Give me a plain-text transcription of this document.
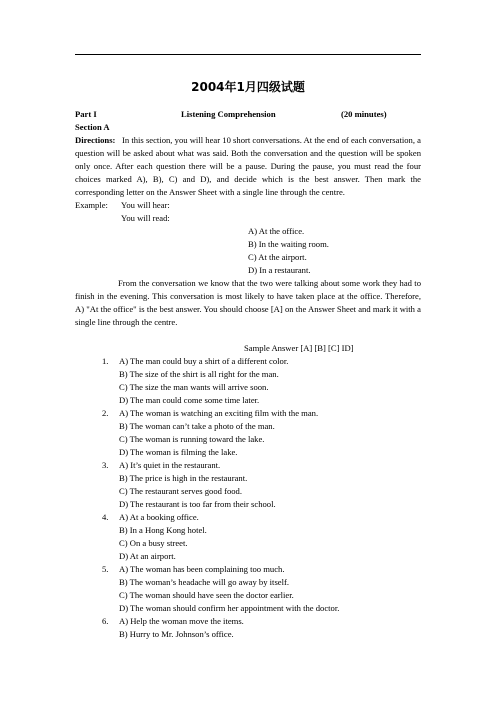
2004年1月四级试题
Part I	Listening Comprehension	(20 minutes)
Section A
Directions: In this section, you will hear 10 short conversations. At the end of each conversation, a question will be asked about what was said. Both the conversation and the question will be spoken only once. After each question there will be a pause. During the pause, you must read the four choices marked A), B), C) and D), and decide which is the best answer. Then mark the corresponding letter on the Answer Sheet with a single line through the centre.
Example: You will hear:
You will read:
A) At the office.
B) In the waiting room.
C) At the airport.
D) In a restaurant.
From the conversation we know that the two were talking about some work they had to finish in the evening. This conversation is most likely to have taken place at the office. Therefore, A) "At the office" is the best answer. You should choose [A] on the Answer Sheet and mark it with a single line through the centre.
Sample Answer [A] [B] [C] ID]
1. A) The man could buy a shirt of a different color.
B) The size of the shirt is all right for the man.
C) The size the man wants will arrive soon.
D) The man could come some time later.
2. A) The woman is watching an exciting film with the man.
B) The woman can’t take a photo of the man.
C) The woman is running toward the lake.
D) The woman is filming the lake.
3. A) It’s quiet in the restaurant.
B) The price is high in the restaurant.
C) The restaurant serves good food.
D) The restaurant is too far from their school.
4. A) At a booking office.
B) In a Hong Kong hotel.
C) On a busy street.
D) At an airport.
5. A) The woman has been complaining too much.
B) The woman’s headache will go away by itself.
C) The woman should have seen the doctor earlier.
D) The woman should confirm her appointment with the doctor.
6. A) Help the woman move the items.
B) Hurry to Mr. Johnson’s office.
